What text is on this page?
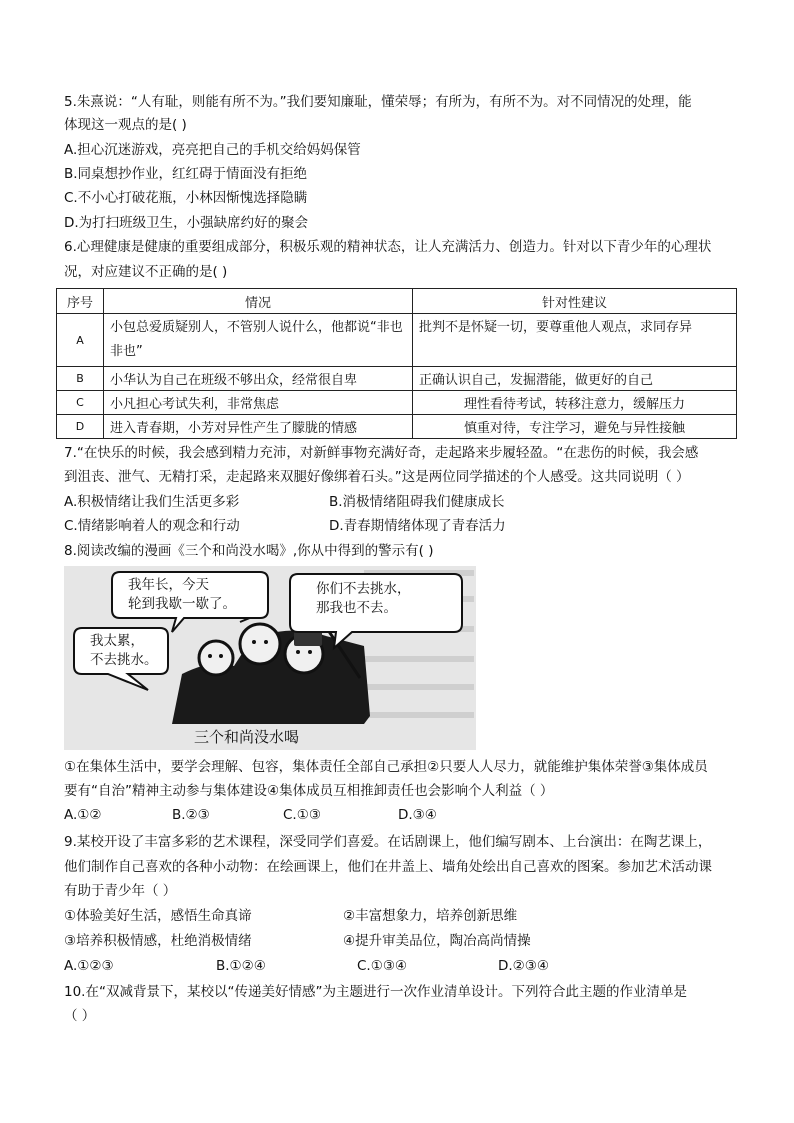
5.朱熹说：“人有耻，则能有所不为。”我们要知廉耻，懂荣辱；有所为，有所不为。对不同情况的处理，能
体现这一观点的是( )
A.担心沉迷游戏，亮亮把自己的手机交给妈妈保管
B.同桌想抄作业，红红碍于情面没有拒绝
C.不小心打破花瓶，小林因惭愧选择隐瞒
D.为打扫班级卫生，小强缺席约好的聚会
6.心理健康是健康的重要组成部分，积极乐观的精神状态，让人充满活力、创造力。针对以下青少年的心理状
况，对应建议不正确的是( )
序号	情况	针对性建议
A	小包总爱质疑别人，不管别人说什么，他都说“非也非也”	批判不是怀疑一切，要尊重他人观点，求同存异
B	小华认为自己在班级不够出众，经常很自卑	正确认识自己，发掘潜能，做更好的自己
C	小凡担心考试失利，非常焦虑	理性看待考试，转移注意力，缓解压力
D	进入青春期，小芳对异性产生了朦胧的情感	慎重对待，专注学习，避免与异性接触
7.“在快乐的时候，我会感到精力充沛，对新鲜事物充满好奇，走起路来步履轻盈。“在悲伤的时候，我会感
到沮丧、泄气、无精打采，走起路来双腿好像绑着石头。”这是两位同学描述的个人感受。这共同说明（ ）
A.积极情绪让我们生活更多彩	B.消极情绪阻碍我们健康成长
C.情绪影响着人的观念和行动	D.青春期情绪体现了青春活力
8.阅读改编的漫画《三个和尚没水喝》,你从中得到的警示有( )
我年长，今天
轮到我歇一歇了。
你们不去挑水，
那我也不去。
我太累，
不去挑水。
三个和尚没水喝
①在集体生活中，要学会理解、包容，集体责任全部自己承担②只要人人尽力，就能维护集体荣誉③集体成员
要有“自治”精神主动参与集体建设④集体成员互相推卸责任也会影响个人利益（ ）
A.①②	B.②③	C.①③	D.③④
9.某校开设了丰富多彩的艺术课程，深受同学们喜爱。在话剧课上，他们编写剧本、上台演出：在陶艺课上，
他们制作自己喜欢的各种小动物：在绘画课上，他们在井盖上、墙角处绘出自己喜欢的图案。参加艺术活动课
有助于青少年（ ）
①体验美好生活，感悟生命真谛	②丰富想象力，培养创新思维
③培养积极情感，杜绝消极情绪	④提升审美品位，陶冶高尚情操
A.①②③	B.①②④	C.①③④	D.②③④
10.在“双减背景下，某校以“传递美好情感”为主题进行一次作业清单设计。下列符合此主题的作业清单是
（ ）
